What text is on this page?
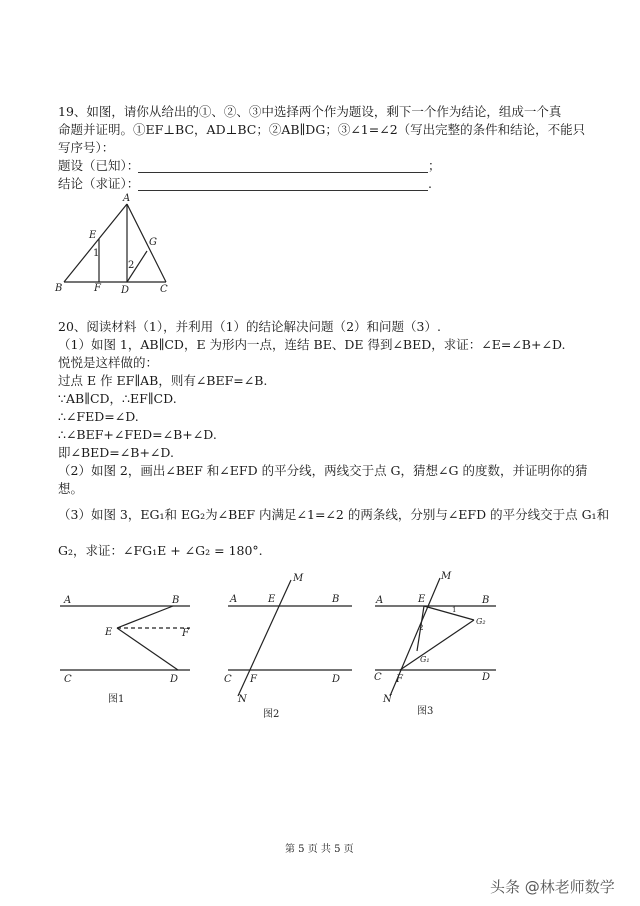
19、如图，请你从给出的①、②、③中选择两个作为题设，剩下一个作为结论，组成一个真
命题并证明。①EF⊥BC，AD⊥BC；②AB∥DG；③∠1=∠2（写出完整的条件和结论，不能只
写序号）：
题设（已知）：	；
结论（求证）：	.
A
B	C
D
E
F
G
1
2
20、阅读材料（1），并利用（1）的结论解决问题（2）和问题（3）.
（1）如图 1，AB∥CD，E 为形内一点，连结 BE、DE 得到∠BED，求证：∠E=∠B+∠D.
悦悦是这样做的：
过点 E 作 EF∥AB，则有∠BEF=∠B.
∵AB∥CD，∴EF∥CD.
∴∠FED=∠D.
∴∠BEF+∠FED=∠B+∠D.
即∠BED=∠B+∠D.
（2）如图 2，画出∠BEF 和∠EFD 的平分线，两线交于点 G，猜想∠G 的度数，并证明你的猜
想。
（3）如图 3，EG₁和 EG₂为∠BEF 内满足∠1=∠2 的两条线，分别与∠EFD 的平分线交于点 G₁和
G₂，求证：∠FG₁E + ∠G₂ = 180°.
A	B
C	D
E	F
图1
A	E	B
M
C F	D
N
图2
A	E	B
M
1
2
G₂
G₁
C F	D
N
图3
第 5 页 共 5 页
头条 @林老师数学
